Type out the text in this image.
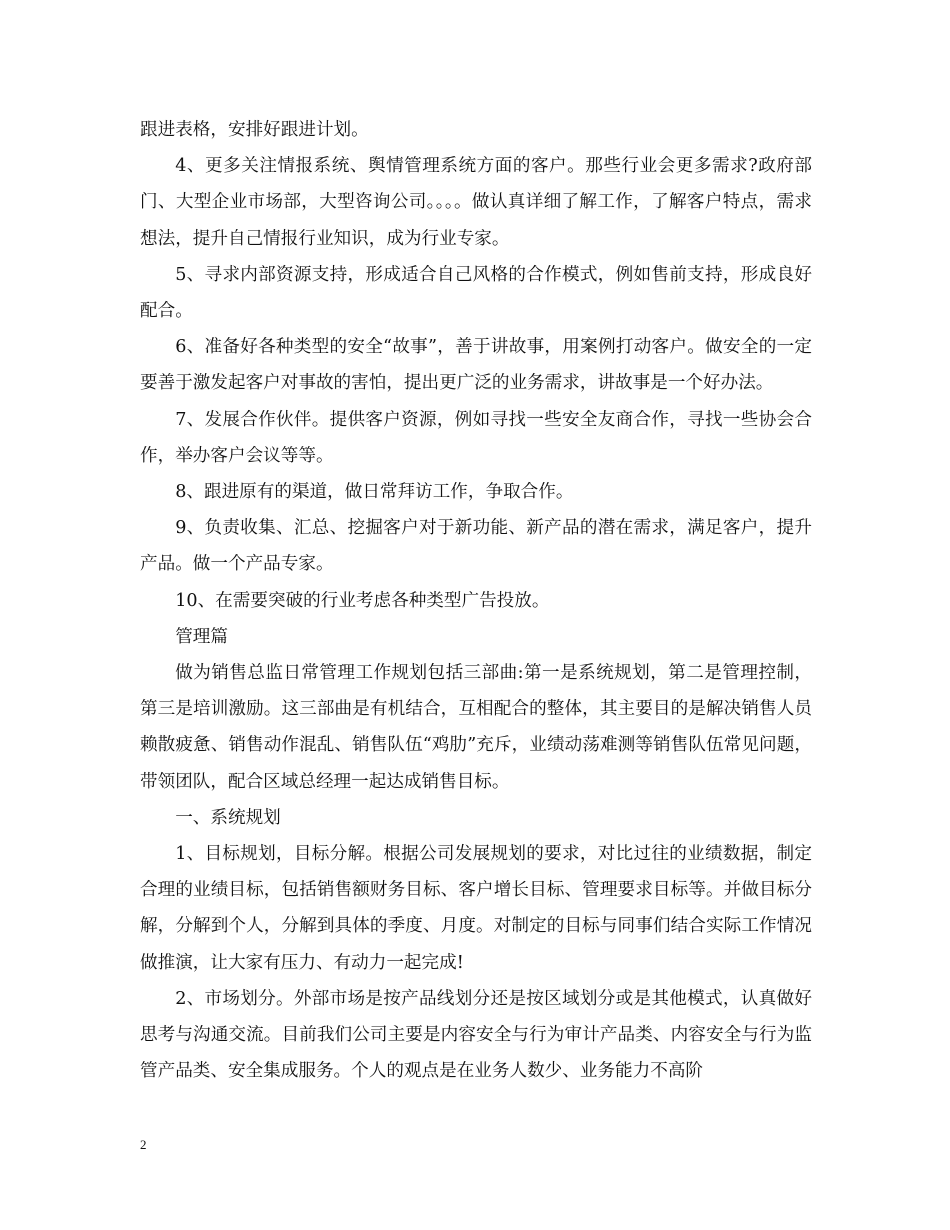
跟进表格，安排好跟进计划。

4、更多关注情报系统、舆情管理系统方面的客户。那些行业会更多需求?政府部门、大型企业市场部，大型咨询公司。。。。做认真详细了解工作，了解客户特点，需求想法，提升自己情报行业知识，成为行业专家。

5、寻求内部资源支持，形成适合自己风格的合作模式，例如售前支持，形成良好配合。

6、准备好各种类型的安全“故事”，善于讲故事，用案例打动客户。做安全的一定要善于激发起客户对事故的害怕，提出更广泛的业务需求，讲故事是一个好办法。

7、发展合作伙伴。提供客户资源，例如寻找一些安全友商合作，寻找一些协会合作，举办客户会议等等。

8、跟进原有的渠道，做日常拜访工作，争取合作。

9、负责收集、汇总、挖掘客户对于新功能、新产品的潜在需求，满足客户，提升产品。做一个产品专家。

10、在需要突破的行业考虑各种类型广告投放。

管理篇

做为销售总监日常管理工作规划包括三部曲:第一是系统规划，第二是管理控制，第三是培训激励。这三部曲是有机结合，互相配合的整体，其主要目的是解决销售人员赖散疲惫、销售动作混乱、销售队伍“鸡肋”充斥，业绩动荡难测等销售队伍常见问题，带领团队，配合区域总经理一起达成销售目标。

一、系统规划

1、目标规划，目标分解。根据公司发展规划的要求，对比过往的业绩数据，制定合理的业绩目标，包括销售额财务目标、客户增长目标、管理要求目标等。并做目标分解，分解到个人，分解到具体的季度、月度。对制定的目标与同事们结合实际工作情况做推演，让大家有压力、有动力一起完成!

2、市场划分。外部市场是按产品线划分还是按区域划分或是其他模式，认真做好思考与沟通交流。目前我们公司主要是内容安全与行为审计产品类、内容安全与行为监管产品类、安全集成服务。个人的观点是在业务人数少、业务能力不高阶

2
